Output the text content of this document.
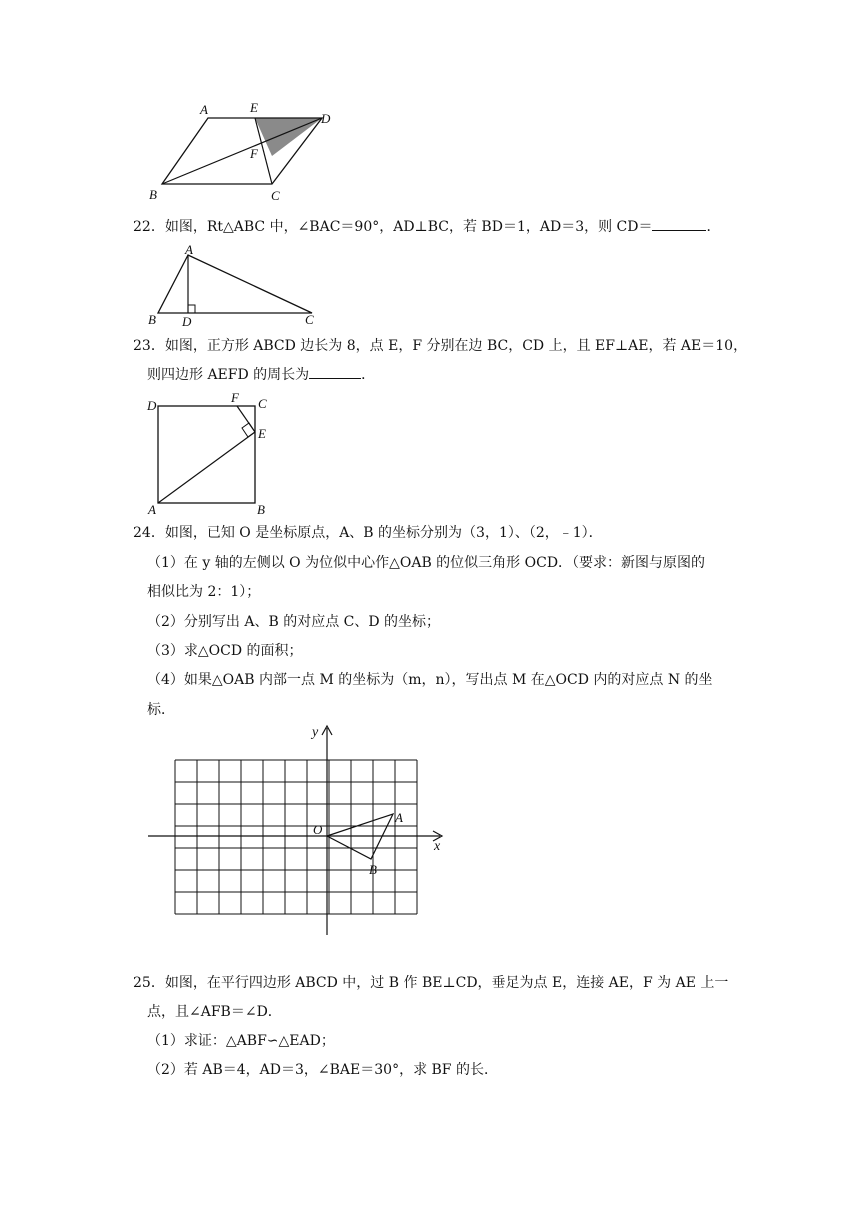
A	E
D
F
B	C
22．如图，Rt△ABC 中，∠BAC＝90°，AD⊥BC，若 BD＝1，AD＝3，则 CD＝	．
A
B D	C
23．如图，正方形 ABCD 边长为 8，点 E，F 分别在边 BC，CD 上，且 EF⊥AE，若 AE＝10，
则四边形 AEFD 的周长为	．
D
F C
E
A	B
24．如图，已知 O 是坐标原点，A、B 的坐标分别为（3，1）、（2，﹣1）．
（1）在 y 轴的左侧以 O 为位似中心作△OAB 的位似三角形 OCD．（要求：新图与原图的
相似比为 2：1）；
（2）分别写出 A、B 的对应点 C、D 的坐标；
（3）求△OCD 的面积；
（4）如果△OAB 内部一点 M 的坐标为（m，n），写出点 M 在△OCD 内的对应点 N 的坐
标．
y
x
O
A
B
25．如图，在平行四边形 ABCD 中，过 B 作 BE⊥CD，垂足为点 E，连接 AE，F 为 AE 上一
点，且∠AFB＝∠D．
（1）求证：△ABF∽△EAD；
（2）若 AB＝4，AD＝3，∠BAE＝30°，求 BF 的长．
